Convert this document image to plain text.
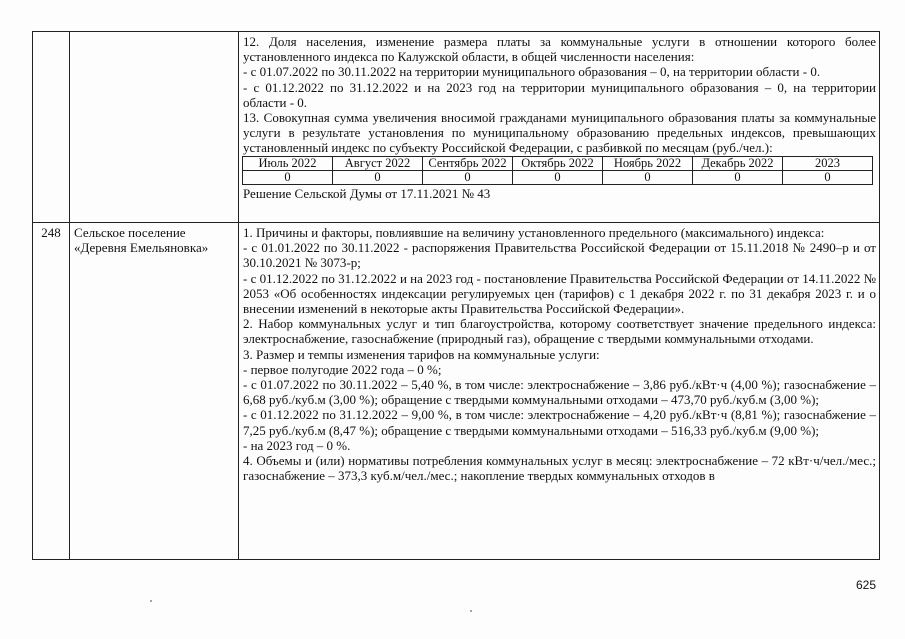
12. Доля населения, изменение размера платы за коммунальные услуги в отношении которого более установленного индекса по Калужской области, в общей численности населения:

- с 01.07.2022 по 30.11.2022 на территории муниципального образования – 0, на территории области - 0.

- с 01.12.2022 по 31.12.2022 и на 2023 год на территории муниципального образования – 0, на территории области - 0.

13. Совокупная сумма увеличения вносимой гражданами муниципального образования платы за коммунальные услуги в результате установления по муниципальному образованию предельных индексов, превышающих установленный индекс по субъекту Российской Федерации, с разбивкой по месяцам (руб./чел.):

Июль 2022	Август 2022	Сентябрь 2022	Октябрь 2022	Ноябрь 2022	Декабрь 2022	2023
0	0	0	0	0	0	0

Решение Сельской Думы от 17.11.2021 № 43

248	Сельское поселение «Деревня Емельяновка»

1. Причины и факторы, повлиявшие на величину установленного предельного (максимального) индекса:

- с 01.01.2022 по 30.11.2022 - распоряжения Правительства Российской Федерации от 15.11.2018 № 2490–р и от 30.10.2021 № 3073-р;

- с 01.12.2022 по 31.12.2022 и на 2023 год - постановление Правительства Российской Федерации от 14.11.2022 № 2053 «Об особенностях индексации регулируемых цен (тарифов) с 1 декабря 2022 г. по 31 декабря 2023 г. и о внесении изменений в некоторые акты Правительства Российской Федерации».

2. Набор коммунальных услуг и тип благоустройства, которому соответствует значение предельного индекса: электроснабжение, газоснабжение (природный газ), обращение с твердыми коммунальными отходами.

3. Размер и темпы изменения тарифов на коммунальные услуги:

- первое полугодие 2022 года – 0 %;

- с 01.07.2022 по 30.11.2022 – 5,40 %, в том числе: электроснабжение – 3,86 руб./кВт·ч (4,00 %); газоснабжение – 6,68 руб./куб.м (3,00 %); обращение с твердыми коммунальными отходами – 473,70 руб./куб.м (3,00 %);

- с 01.12.2022 по 31.12.2022 – 9,00 %, в том числе: электроснабжение – 4,20 руб./кВт·ч (8,81 %); газоснабжение – 7,25 руб./куб.м (8,47 %); обращение с твердыми коммунальными отходами – 516,33 руб./куб.м (9,00 %);

- на 2023 год – 0 %.

4. Объемы и (или) нормативы потребления коммунальных услуг в месяц: электроснабжение – 72 кВт·ч/чел./мес.; газоснабжение – 373,3 куб.м/чел./мес.; накопление твердых коммунальных отходов в

625
